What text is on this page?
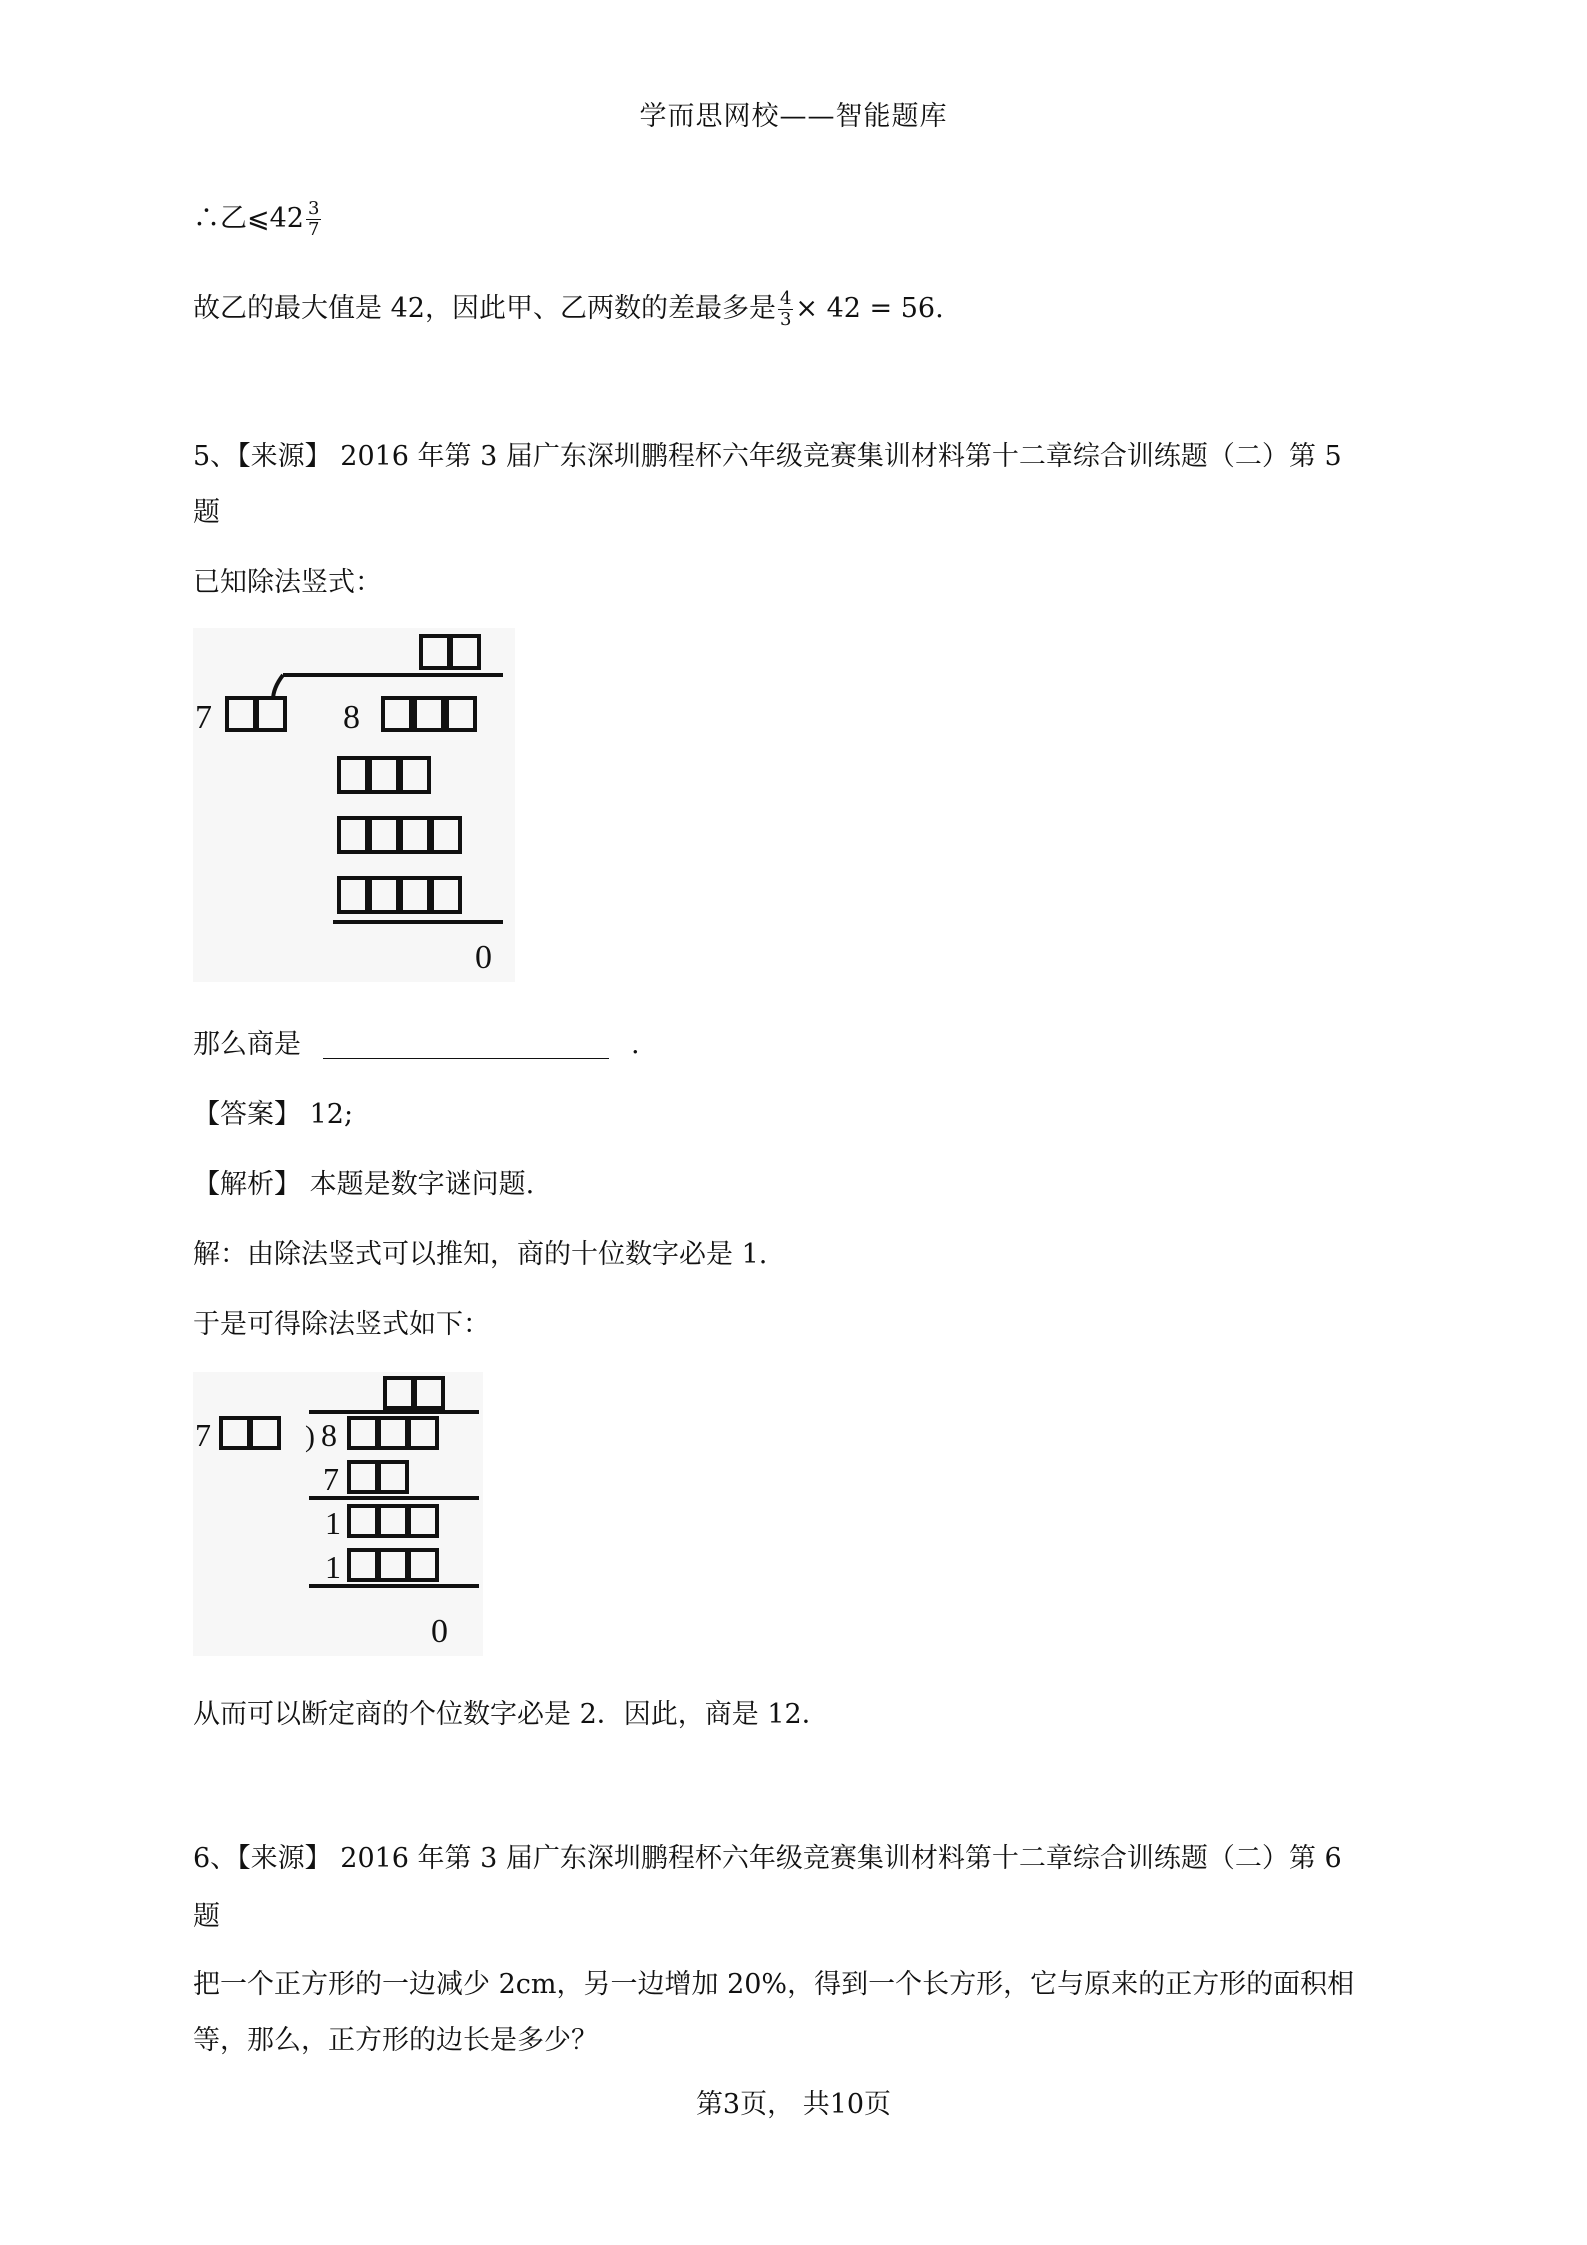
学而思网校——智能题库
∴乙⩽42 $\frac{3}{7}$
故乙的最大值是 42，因此甲、乙两数的差最多是 $\frac{4}{3} \times 42 = 56$.
5、【来源】 2016 年第 3 届广东深圳鹏程杯六年级竞赛集训材料第十二章综合训练题（二）第 5
题
已知除法竖式：
7	8
0
那么商是	.
【答案】 12;
【解析】 本题是数字谜问题.
解：由除法竖式可以推知，商的十位数字必是 1.
于是可得除法竖式如下：
7	) 8
7
1
1
0
从而可以断定商的个位数字必是 2．因此，商是 12．
6、【来源】 2016 年第 3 届广东深圳鹏程杯六年级竞赛集训材料第十二章综合训练题（二）第 6
题
把一个正方形的一边减少 2cm，另一边增加 20%，得到一个长方形，它与原来的正方形的面积相
等，那么，正方形的边长是多少？
第3页， 共10页
